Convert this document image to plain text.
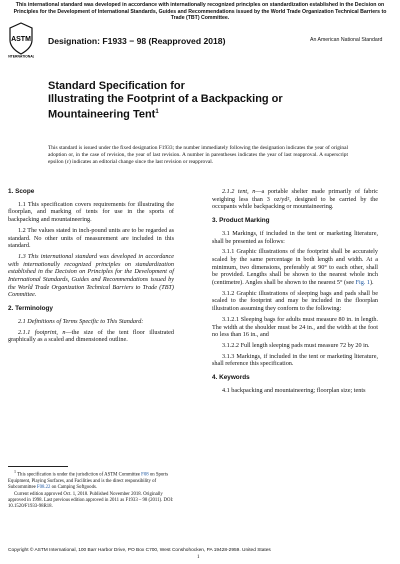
This international standard was developed in accordance with internationally recognized principles on standardization established in the Decision on Principles for the Development of International Standards, Guides and Recommendations issued by the World Trade Organization Technical Barriers to Trade (TBT) Committee.
ASTM
INTERNATIONAL
Designation: F1933 − 98 (Reapproved 2018)	An American National Standard
Standard Specification for
Illustrating the Footprint of a Backpacking or
Mountaineering Tent$^1$
This standard is issued under the fixed designation F1933; the number immediately following the designation indicates the year of original adoption or, in the case of revision, the year of last revision. A number in parentheses indicates the year of last reapproval. A superscript epsilon (ε) indicates an editorial change since the last revision or reapproval.

1. Scope

1.1 This specification covers requirements for illustrating the floorplan, and marking of tents for use in the sports of backpacking and mountaineering.

1.2 The values stated in inch-pound units are to be regarded as standard. No other units of measurement are included in this standard.

1.3 This international standard was developed in accordance with internationally recognized principles on standardization established in the Decision on Principles for the Development of International Standards, Guides and Recommendations issued by the World Trade Organization Technical Barriers to Trade (TBT) Committee.

2. Terminology

2.1 Definitions of Terms Specific to This Standard:

2.1.1 footprint, n—the size of the tent floor illustrated graphically as a scaled and dimensioned outline.

2.1.2 tent, n—a portable shelter made primarily of fabric weighing less than 3 oz/yd², designed to be carried by the occupants while backpacking or mountaineering.

3. Product Marking

3.1 Markings, if included in the tent or marketing literature, shall be presented as follows:

3.1.1 Graphic illustrations of the footprint shall be accurately scaled by the same percentage in both length and width. At a minimum, two dimensions, preferably at 90° to each other, shall be provided. Lengths shall be shown to the nearest whole inch (centimetre). Angles shall be shown to the nearest 5° (see Fig. 1).

3.1.2 Graphic illustrations of sleeping bags and pads shall be scaled to the footprint and may be included in the floorplan illustration assuming they conform to the following:

3.1.2.1 Sleeping bags for adults must measure 80 in. in length. The width at the shoulder must be 24 in., and the width at the foot no less than 16 in., and

3.1.2.2 Full length sleeping pads must measure 72 by 20 in.

3.1.3 Markings, if included in the tent or marketing literature, shall reference this specification.

4. Keywords

4.1 backpacking and mountaineering; floorplan size; tents

$^1$ This specification is under the jurisdiction of ASTM Committee F08 on Sports Equipment, Playing Surfaces, and Facilities and is the direct responsibility of Subcommittee F08.22 on Camping Softgoods.

Current edition approved Oct. 1, 2018. Published November 2018. Originally approved in 1998. Last previous edition approved in 2011 as F1933 – 98 (2011). DOI: 10.1520/F1933-98R18.

Copyright © ASTM International, 100 Barr Harbor Drive, PO Box C700, West Conshohocken, PA 19428-2959. United States
1
